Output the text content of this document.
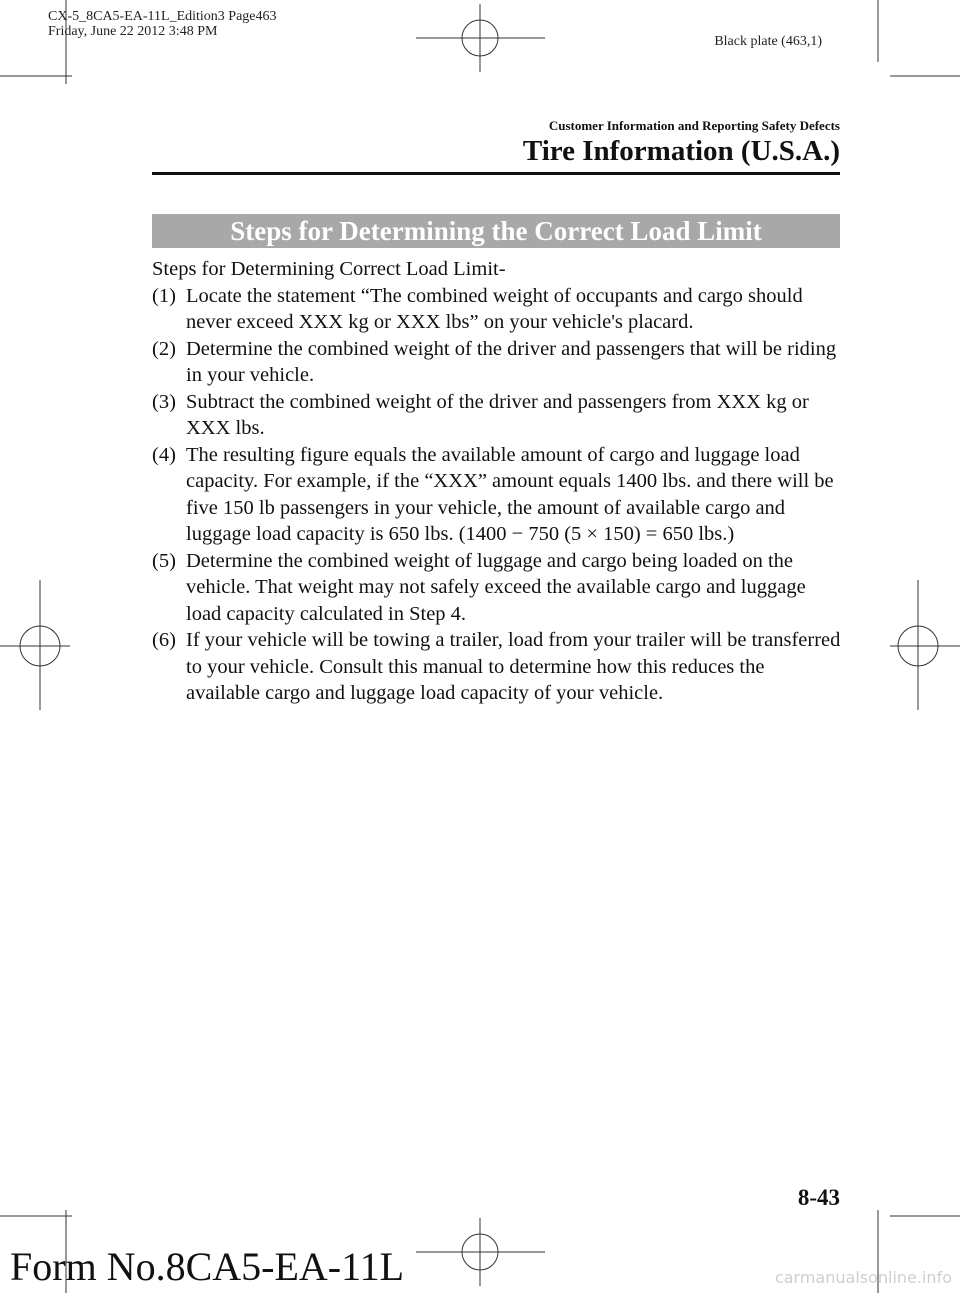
CX-5_8CA5-EA-11L_Edition3 Page463
Friday, June 22 2012 3:48 PM
Black plate (463,1)
Customer Information and Reporting Safety Defects
Tire Information (U.S.A.)
Steps for Determining the Correct Load Limit

Steps for Determining Correct Load Limit-

(1) Locate the statement “The combined weight of occupants and cargo should never exceed XXX kg or XXX lbs” on your vehicle's placard.

(2) Determine the combined weight of the driver and passengers that will be riding in your vehicle.

(3) Subtract the combined weight of the driver and passengers from XXX kg or XXX lbs.

(4) The resulting figure equals the available amount of cargo and luggage load capacity. For example, if the “XXX” amount equals 1400 lbs. and there will be five 150 lb passengers in your vehicle, the amount of available cargo and luggage load capacity is 650 lbs. (1400 − 750 (5 × 150) = 650 lbs.)

(5) Determine the combined weight of luggage and cargo being loaded on the vehicle. That weight may not safely exceed the available cargo and luggage load capacity calculated in Step 4.

(6) If your vehicle will be towing a trailer, load from your trailer will be transferred to your vehicle. Consult this manual to determine how this reduces the available cargo and luggage load capacity of your vehicle.

8-43
Form No.8CA5-EA-11L	carmanualsonline.info
